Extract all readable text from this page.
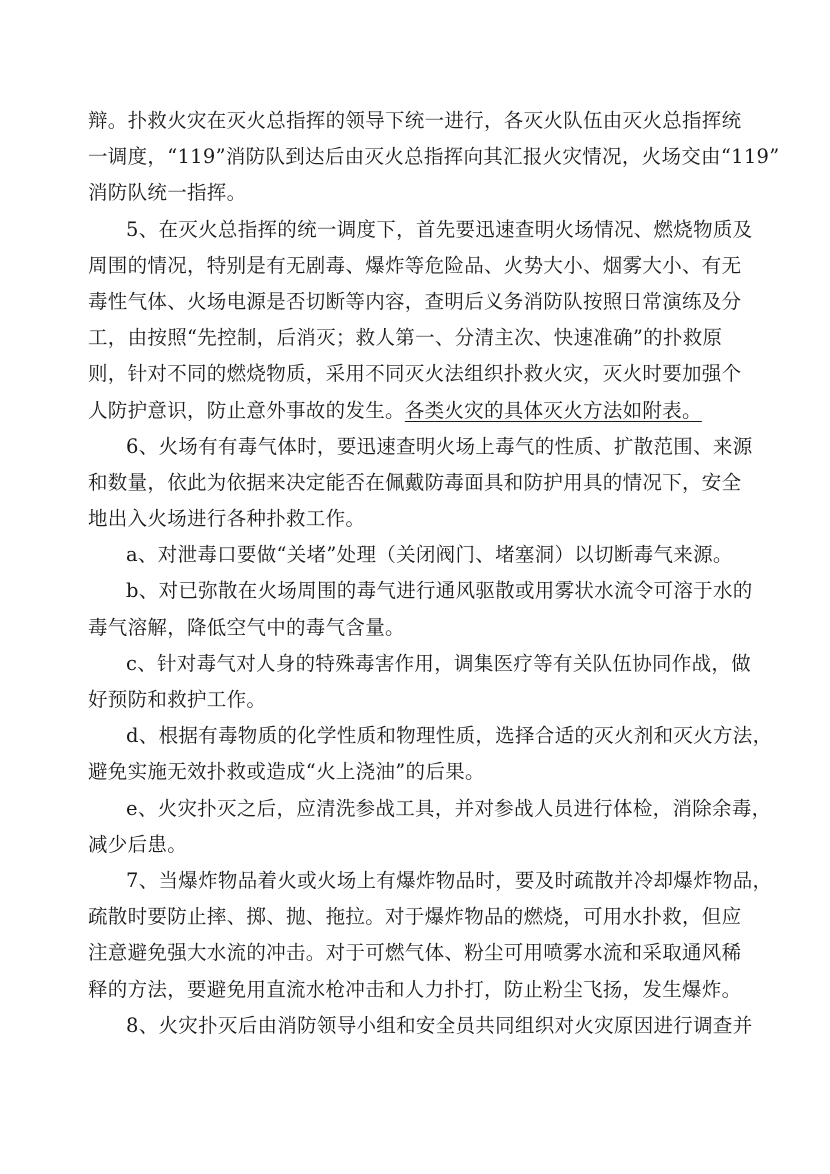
辩。扑救火灾在灭火总指挥的领导下统一进行，各灭火队伍由灭火总指挥统
一调度，“119”消防队到达后由灭火总指挥向其汇报火灾情况，火场交由“119”
消防队统一指挥。
5、在灭火总指挥的统一调度下，首先要迅速查明火场情况、燃烧物质及
周围的情况，特别是有无剧毒、爆炸等危险品、火势大小、烟雾大小、有无
毒性气体、火场电源是否切断等内容，查明后义务消防队按照日常演练及分
工，由按照“先控制，后消灭；救人第一、分清主次、快速准确”的扑救原
则，针对不同的燃烧物质，采用不同灭火法组织扑救火灾，灭火时要加强个
人防护意识，防止意外事故的发生。各类火灾的具体灭火方法如附表。
6、火场有有毒气体时，要迅速查明火场上毒气的性质、扩散范围、来源
和数量，依此为依据来决定能否在佩戴防毒面具和防护用具的情况下，安全
地出入火场进行各种扑救工作。
a、对泄毒口要做“关堵”处理（关闭阀门、堵塞洞）以切断毒气来源。
b、对已弥散在火场周围的毒气进行通风驱散或用雾状水流令可溶于水的
毒气溶解，降低空气中的毒气含量。
c、针对毒气对人身的特殊毒害作用，调集医疗等有关队伍协同作战，做
好预防和救护工作。
d、根据有毒物质的化学性质和物理性质，选择合适的灭火剂和灭火方法，
避免实施无效扑救或造成“火上浇油”的后果。
e、火灾扑灭之后，应清洗参战工具，并对参战人员进行体检，消除余毒，
减少后患。
7、当爆炸物品着火或火场上有爆炸物品时，要及时疏散并冷却爆炸物品，
疏散时要防止摔、掷、抛、拖拉。对于爆炸物品的燃烧，可用水扑救，但应
注意避免强大水流的冲击。对于可燃气体、粉尘可用喷雾水流和采取通风稀
释的方法，要避免用直流水枪冲击和人力扑打，防止粉尘飞扬，发生爆炸。
8、火灾扑灭后由消防领导小组和安全员共同组织对火灾原因进行调查并
